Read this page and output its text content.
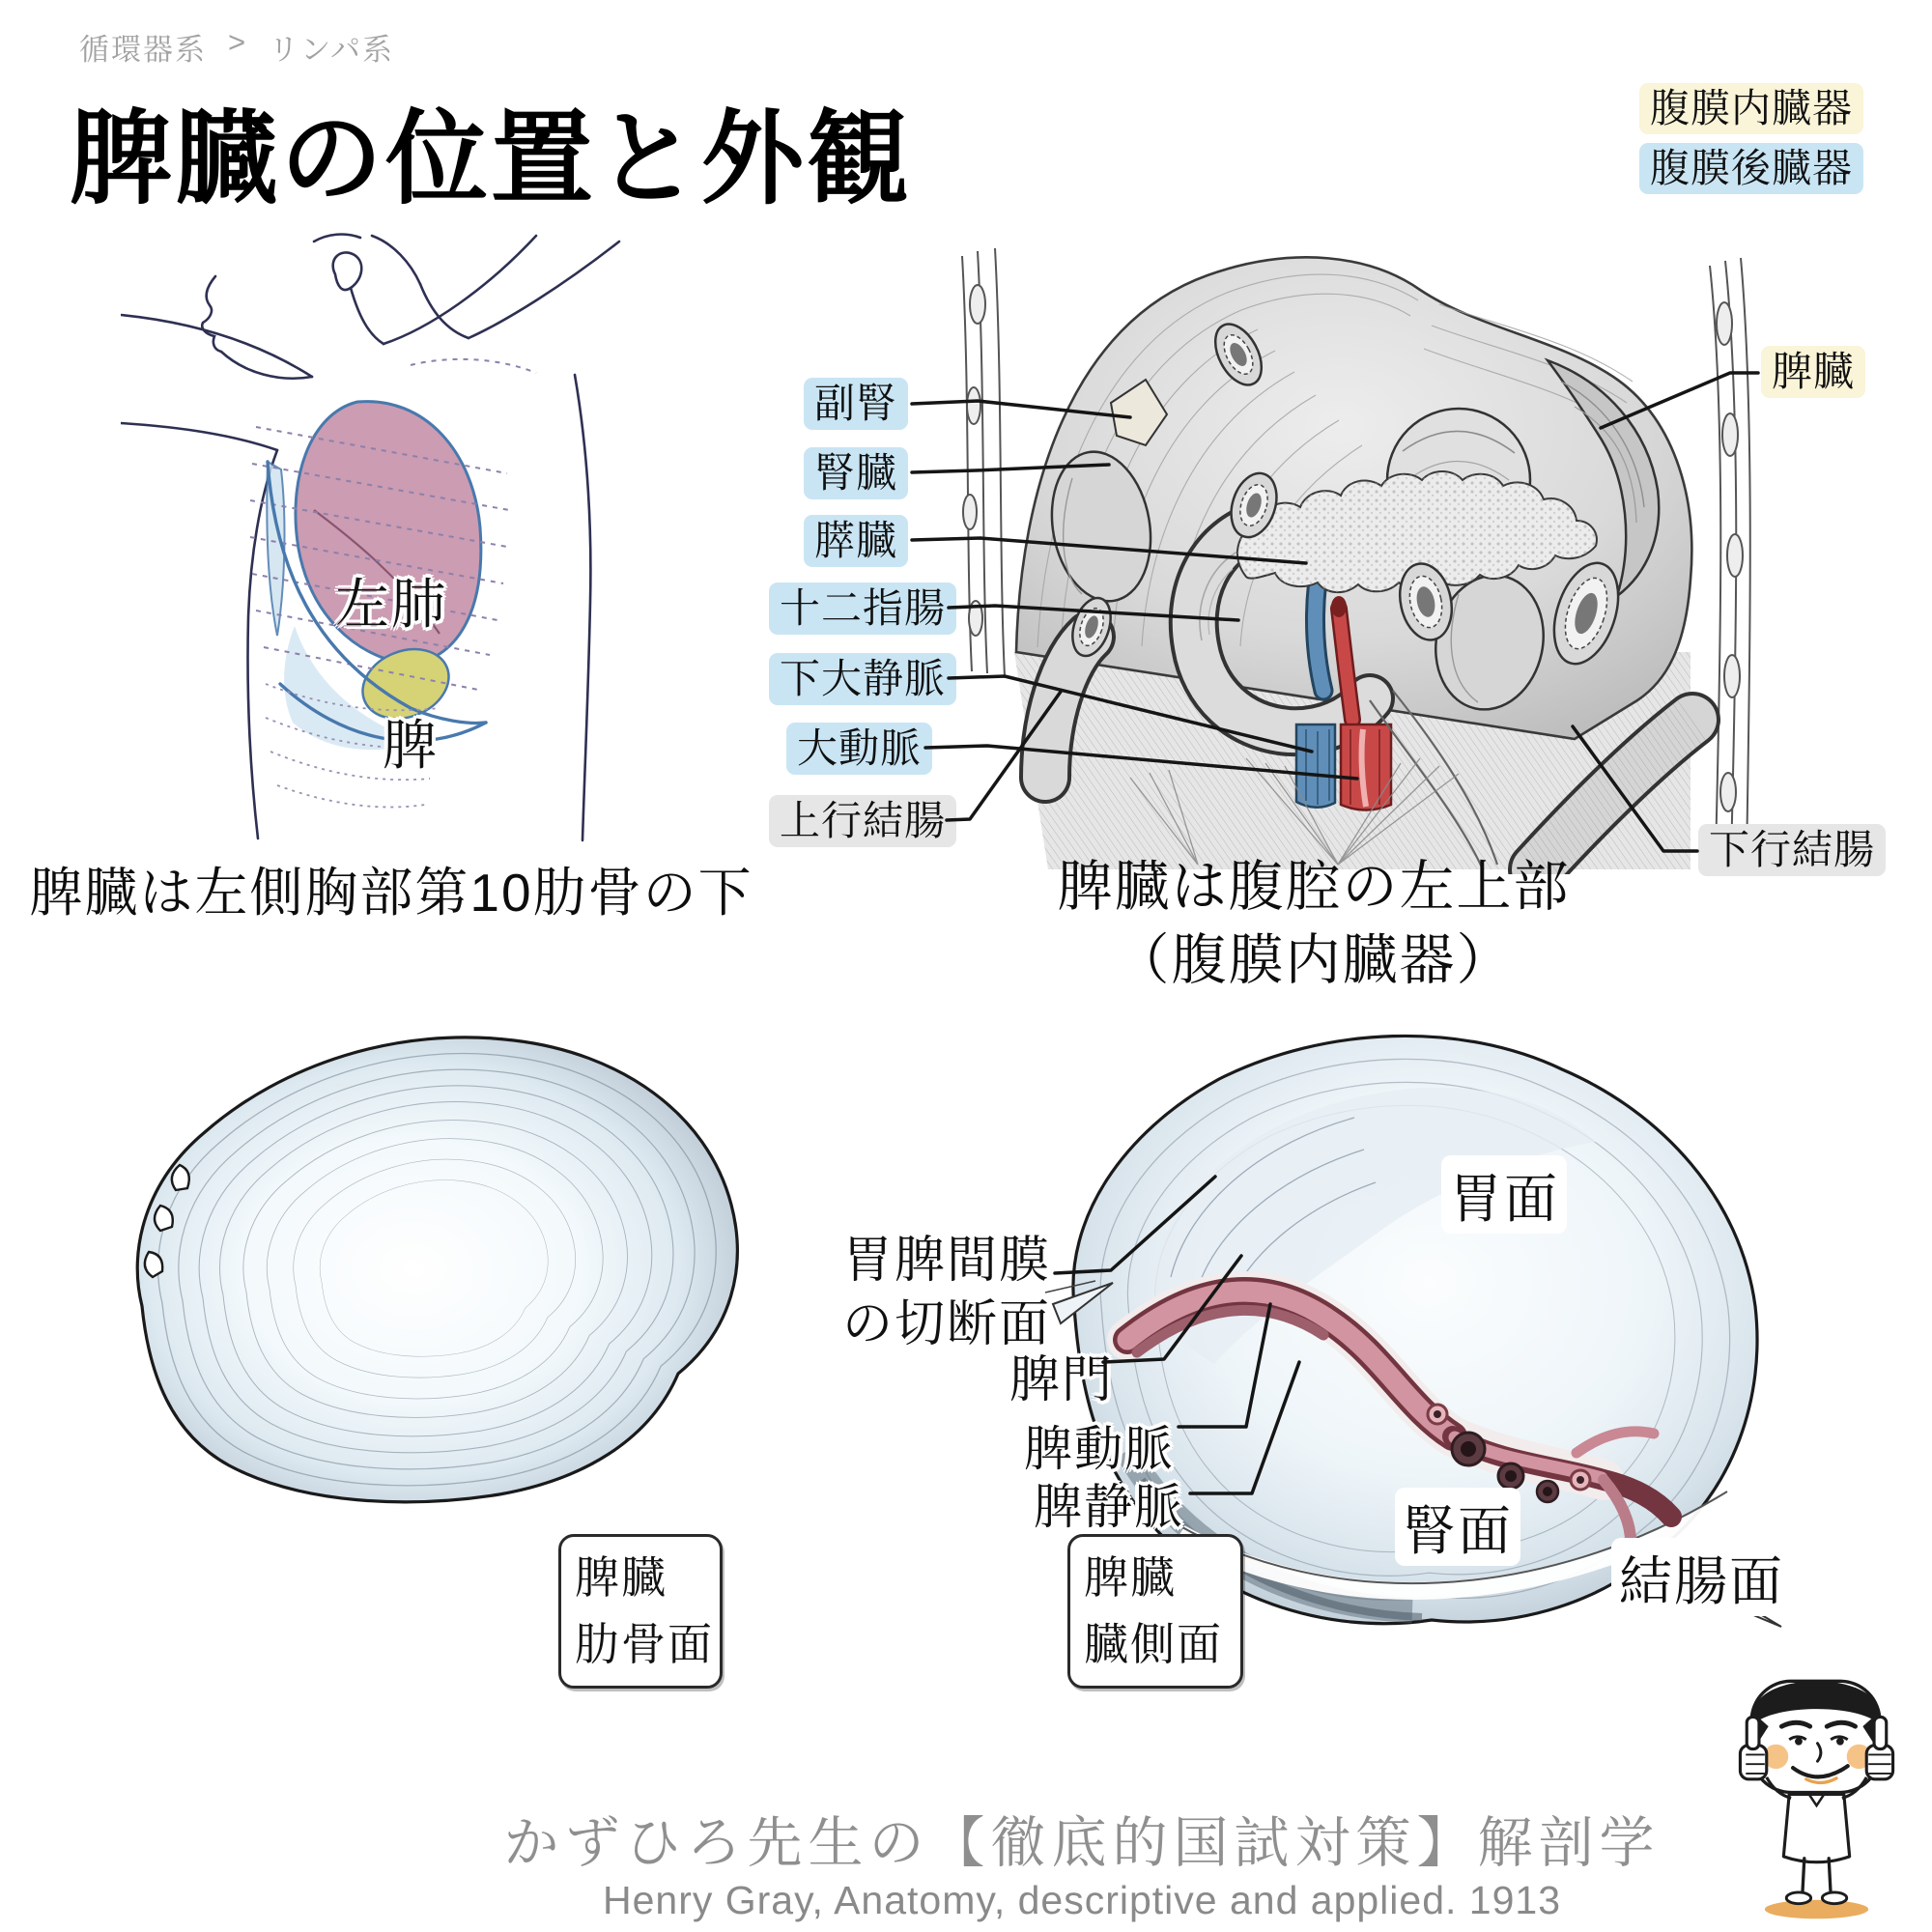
循環器系 > リンパ系
脾臓の位置と外観	腹膜内臓器
腹膜後臓器
左肺
脾
脾臓は左側胸部第10肋骨の下
副腎
腎臓
膵臓
十二指腸
下大静脈
大動脈
上行結腸
脾臓
下行結腸
脾臓は腹腔の左上部
（腹膜内臓器）
脾臓
肋骨面
胃脾間膜
の切断面
脾門
脾動脈
脾静脈
胃面
腎面
結腸面
脾臓
臓側面
かずひろ先生の【徹底的国試対策】解剖学
Henry Gray, Anatomy, descriptive and applied. 1913
